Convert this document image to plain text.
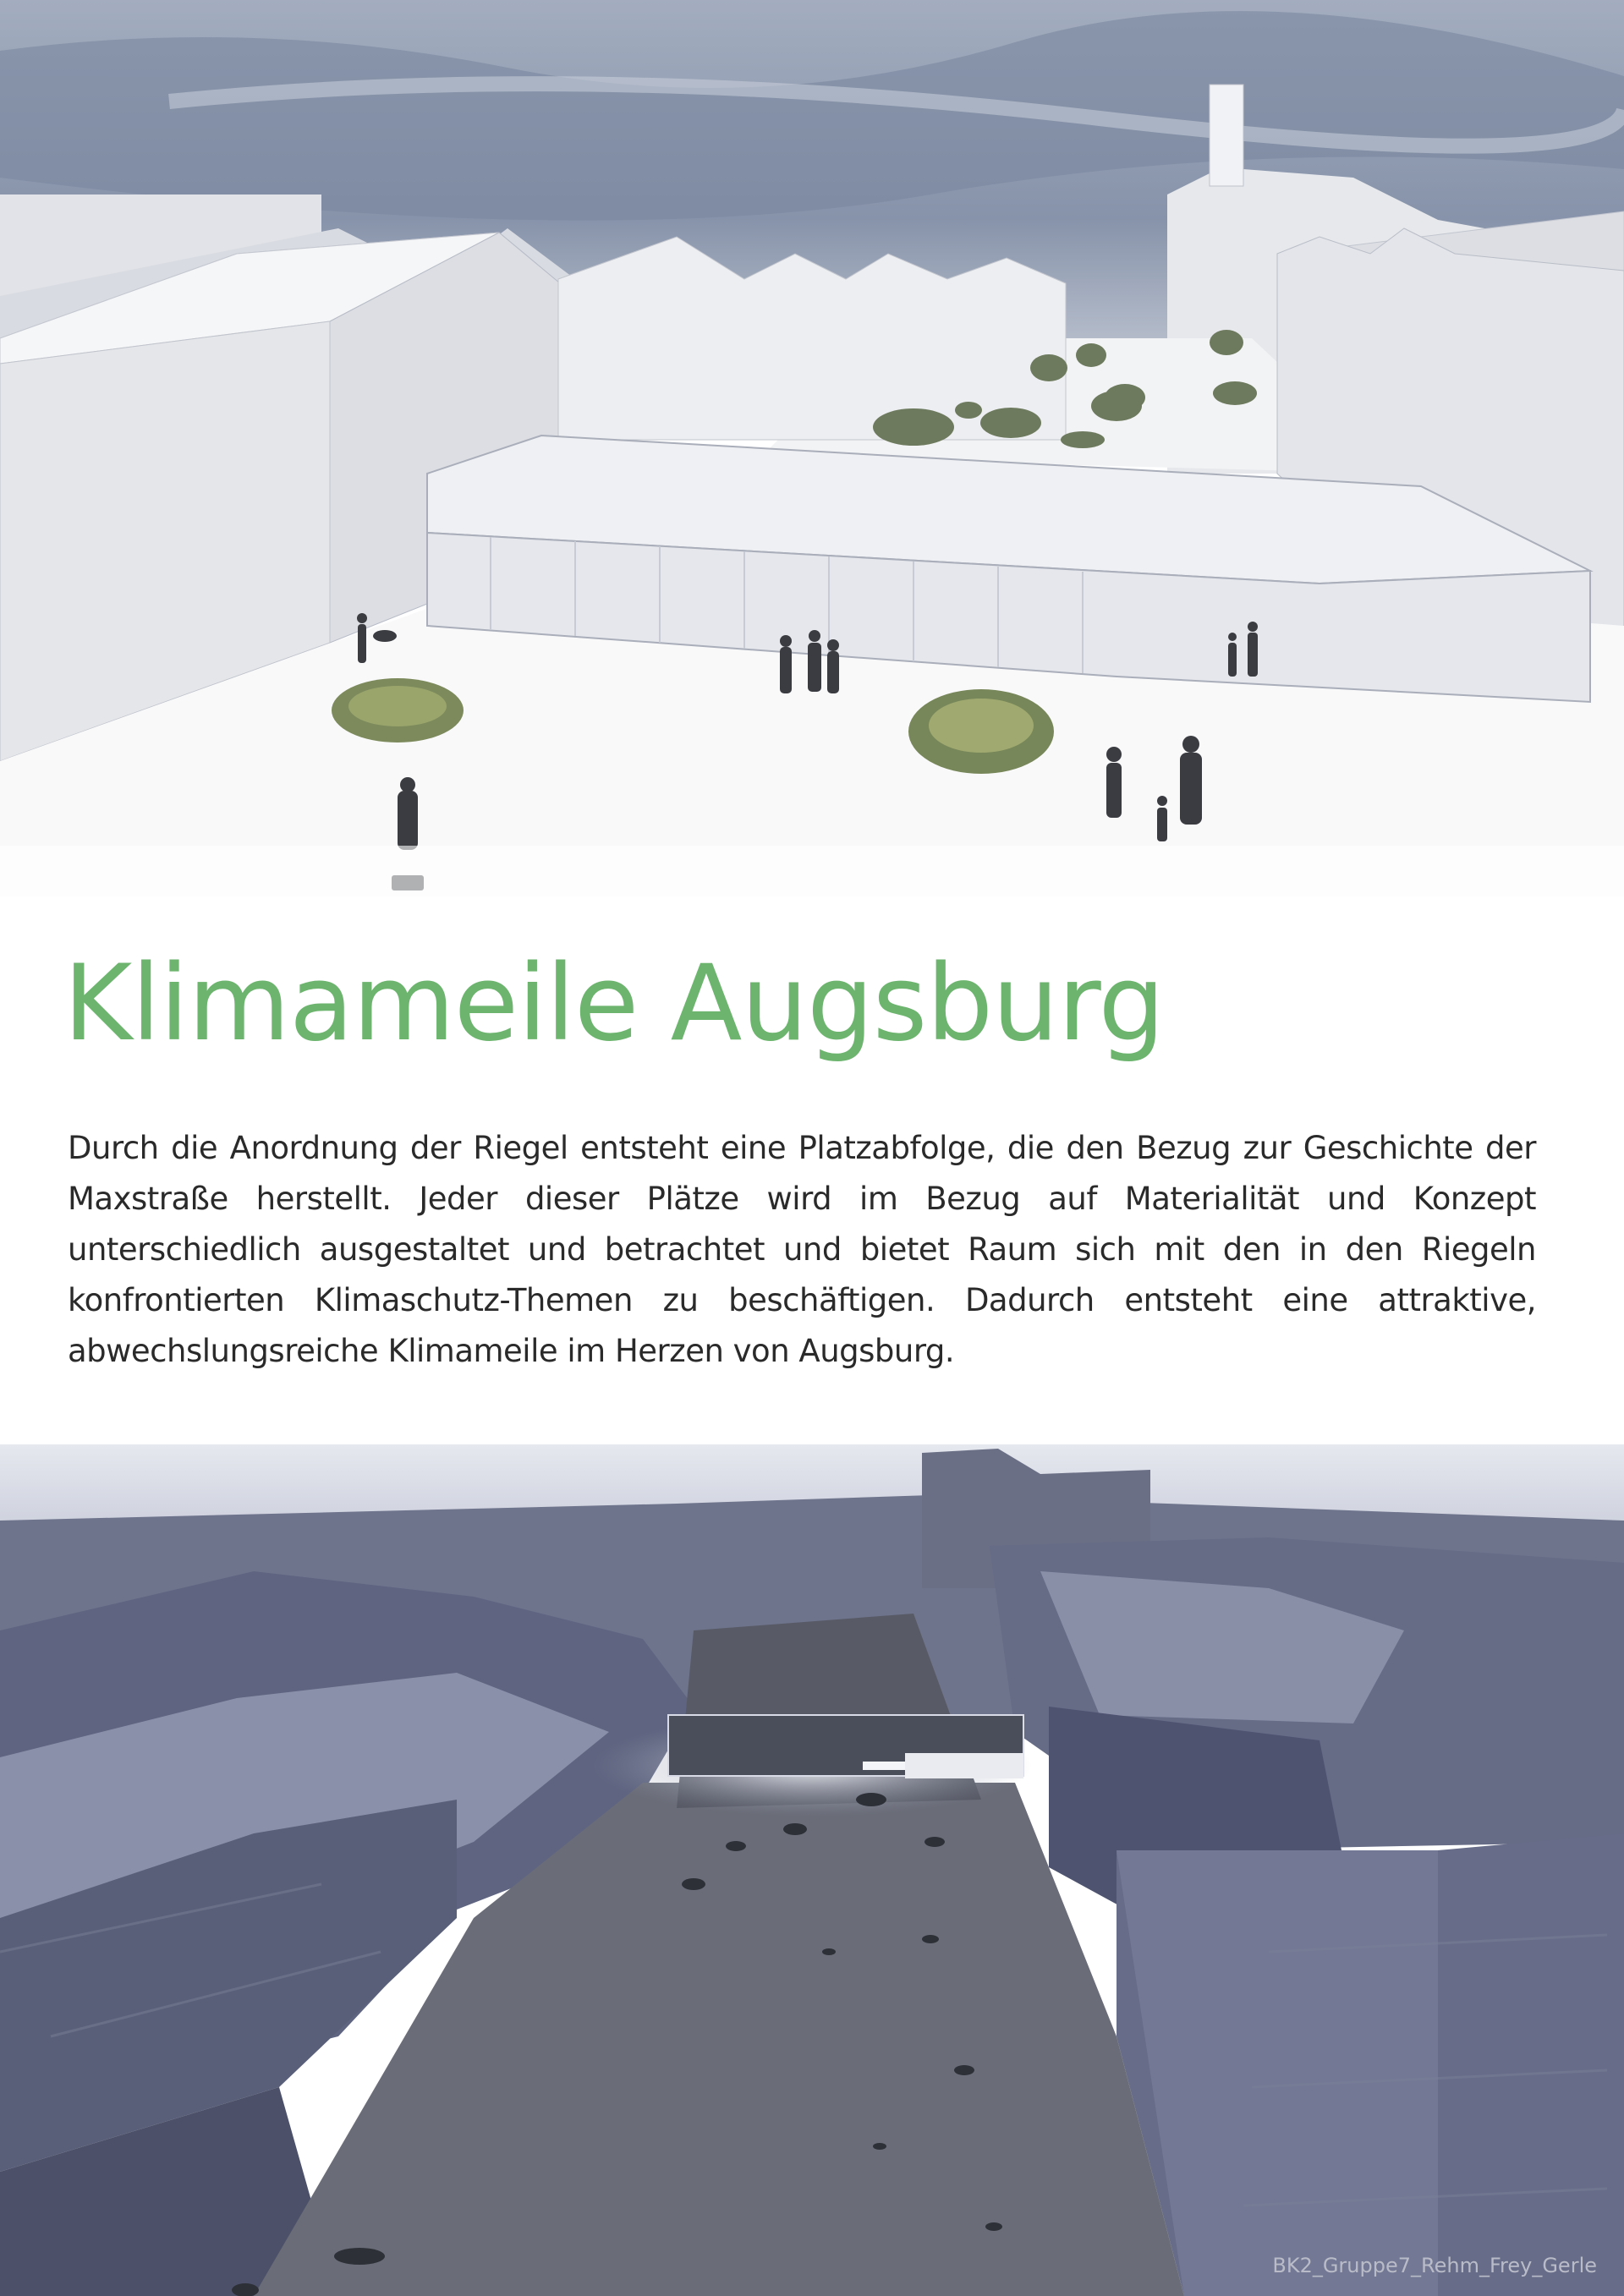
Klimameile Augsburg

Durch die Anordnung der Riegel entsteht eine Platzabfolge, die den Bezug zur Geschichte der Maxstraße herstellt. Jeder dieser Plätze wird im Bezug auf Materialität und Konzept unterschiedlich ausgestaltet und betrachtet und bietet Raum sich mit den in den Riegeln konfrontierten Klimaschutz-Themen zu beschäftigen. Dadurch entsteht eine attraktive, abwechslungsreiche Klimameile im Herzen von Augsburg.

BK2_Gruppe7_Rehm_Frey_Gerle
